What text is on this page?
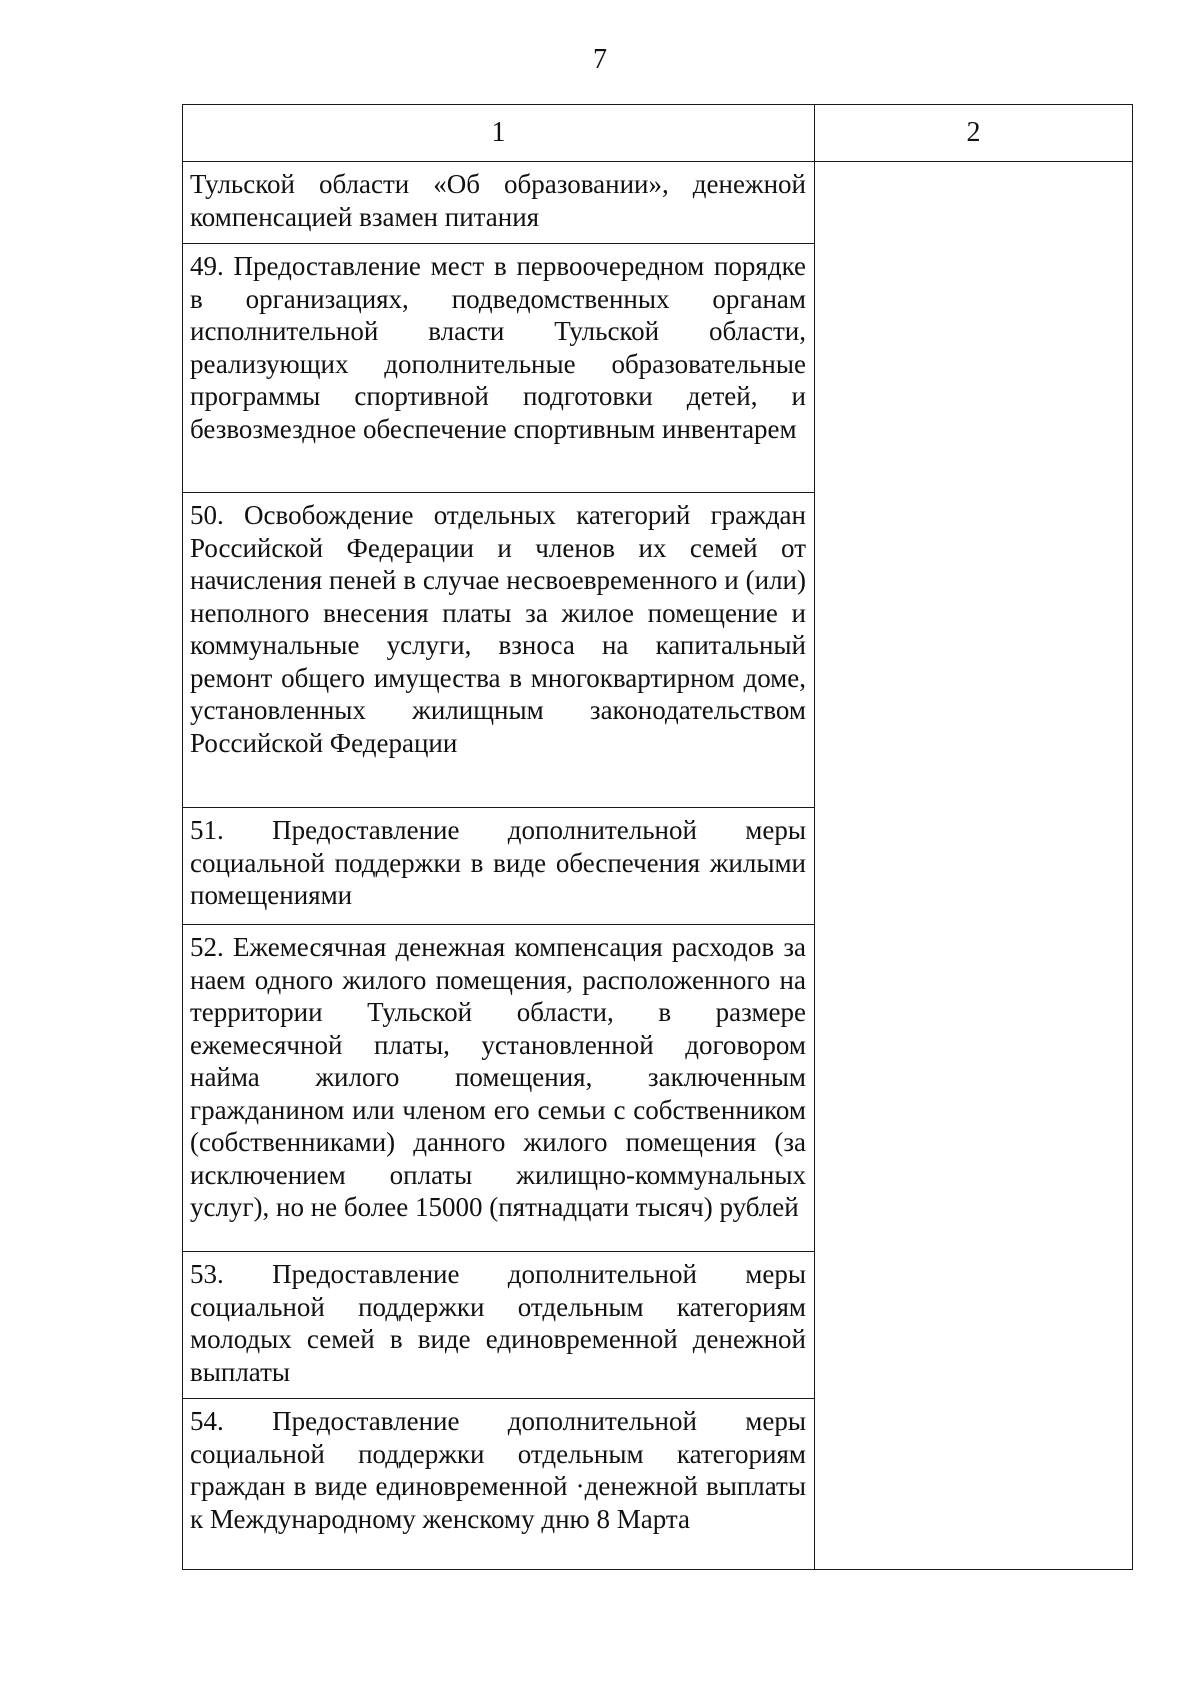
7
1	2

Тульской области «Об образовании», денежной компенсацией взамен питания	

49. Предоставление мест в первоочередном порядке в организациях, подведомственных органам исполнительной власти Тульской области, реализующих дополнительные образовательные программы спортивной подготовки детей, и безвозмездное обеспечение спортивным инвентарем	

50. Освобождение отдельных категорий граждан Российской Федерации и членов их семей от начисления пеней в случае несвоевременного и (или) неполного внесения платы за жилое помещение и коммунальные услуги, взноса на капитальный ремонт общего имущества в многоквартирном доме, установленных жилищным законодательством Российской Федерации	

51. Предоставление дополнительной меры социальной поддержки в виде обеспечения жилыми помещениями	

52. Ежемесячная денежная компенсация расходов за наем одного жилого помещения, расположенного на территории Тульской области, в размере ежемесячной платы, установленной договором найма жилого помещения, заключенным гражданином или членом его семьи с собственником (собственниками) данного жилого помещения (за исключением оплаты жилищно-коммунальных услуг), но не более 15000 (пятнадцати тысяч) рублей	

53. Предоставление дополнительной меры социальной поддержки отдельным категориям молодых семей в виде единовременной денежной выплаты	

54. Предоставление дополнительной меры социальной поддержки отдельным категориям граждан в виде единовременной ·денежной выплаты к Международному женскому дню 8 Марта	
